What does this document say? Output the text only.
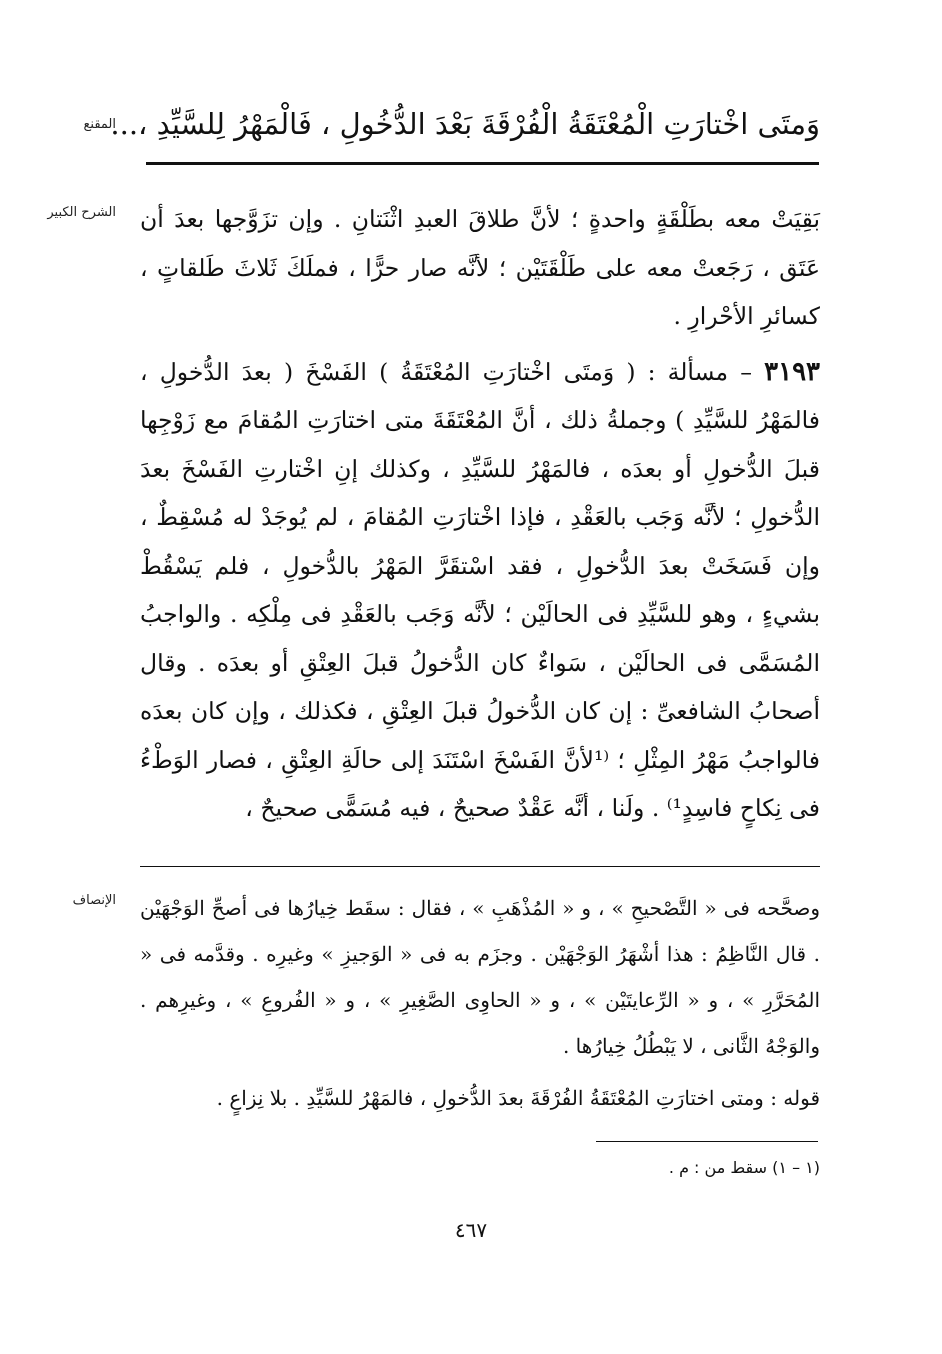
المقنع
وَمتَى اخْتارَتِ الْمُعْتَقَةُ الْفُرْقَةَ بَعْدَ الدُّخُولِ ، فَالْمَهْرُ لِلسَّيِّدِ ،...
الشرح الكبير بَقِيَتْ معه بطَلْقَةٍ واحدةٍ ؛ لأنَّ طلاقَ العبدِ اثْنَتانِ . وإن تزَوَّجها بعدَ أن عَتَق ، رَجَعتْ معه على طَلْقَتَيْن ؛ لأنَّه صار حرًّا ، فملَكَ ثَلاثَ طَلقاتٍ ، كسائرِ الأحْرارِ .

٣١٩٣ – مسألة : ( وَمتَى اخْتارَتِ المُعْتَقَةُ ) الفَسْخَ ( بعدَ الدُّخولِ ، فالمَهْرُ للسَّيِّدِ ) وجملةُ ذلك ، أنَّ المُعْتَقَةَ متى اختارَتِ المُقامَ مع زَوْجِها قبلَ الدُّخولِ أو بعدَه ، فالمَهْرُ للسَّيِّدِ ، وكذلك إنِ اخْتارتِ الفَسْخَ بعدَ الدُّخولِ ؛ لأنَّه وَجَب بالعَقْدِ ، فإذا اخْتارَتِ المُقامَ ، لم يُوجَدْ له مُسْقِطٌ ، وإن فَسَخَتْ بعدَ الدُّخولِ ، فقد اسْتقَرَّ المَهْرُ بالدُّخولِ ، فلم يَسْقُطْ بشيءٍ ، وهو للسَّيِّدِ فى الحالَيْن ؛ لأنَّه وَجَب بالعَقْدِ فى مِلْكِه . والواجبُ المُسَمَّى فى الحالَيْن ، سَواءٌ كان الدُّخولُ قبلَ العِتْقِ أو بعدَه . وقال أصحابُ الشافعىِّ : إن كان الدُّخولُ قبلَ العِتْقِ ، فكذلك ، وإن كان بعدَه فالواجبُ مَهْرُ المِثْلِ ؛ ⁽¹لأنَّ الفَسْخَ اسْتَنَدَ إلى حالَةِ العِتْقِ ، فصار الوَطْءُ فى نِكاحٍ فاسِدٍ¹⁾ . ولَنا ، أنَّه عَقْدٌ صحيحٌ ، فيه مُسَمًّى صحيحٌ ،

الإنصاف وصحَّحه فى « التَّصْحيحِ » ، و « المُذْهَبِ » ، فقال : سقَط خِيارُها فى أصحِّ الوَجْهَيْن . قال النَّاظِمُ : هذا أشْهَرُ الوَجْهَيْن . وجزَم به فى « الوَجيزِ » وغيرِه . وقدَّمه فى « المُحَرَّرِ » ، و « الرِّعايتَيْن » ، و « الحاوِى الصَّغِيرِ » ، و « الفُروعِ » ، وغيرِهم . والوَجْهُ الثَّانى ، لا يَبْطُلُ خِيارُها .

قوله : ومتى اختارَتِ المُعْتَقَةُ الفُرْقَةَ بعدَ الدُّخولِ ، فالمَهْرُ للسَّيِّدِ . بلا نِزاعٍ .

(١ – ١) سقط من : م .
٤٦٧
